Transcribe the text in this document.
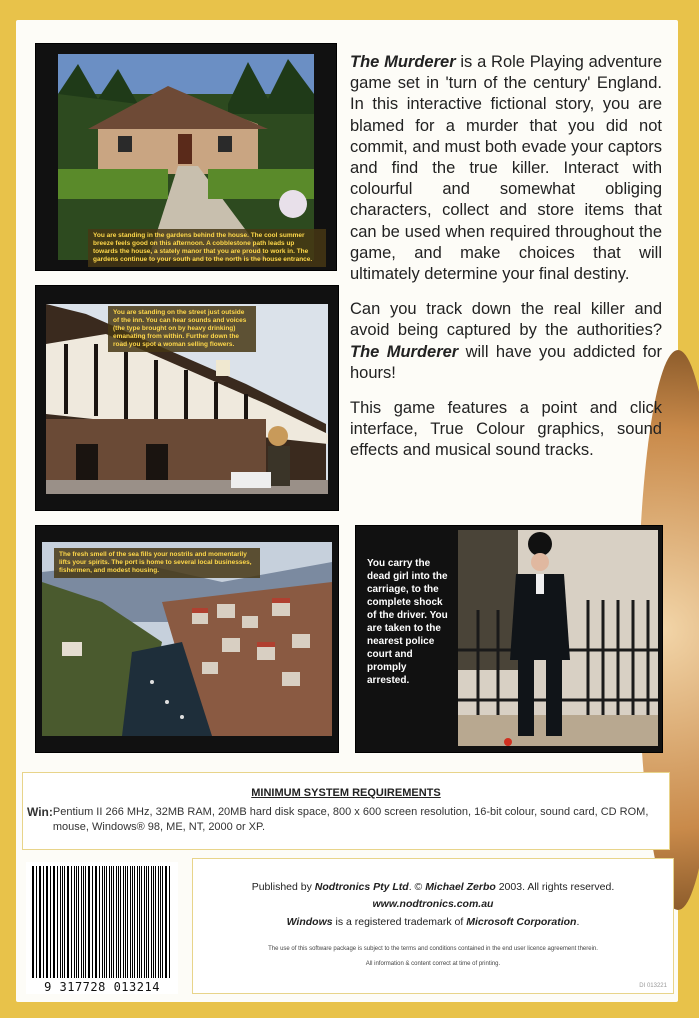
You are standing in the gardens behind the house. The cool summer breeze feels good on this afternoon. A cobblestone path leads up towards the house, a stately manor that you are proud to work in. The gardens continue to your south and to the north is the house entrance.
You are standing on the street just outside of the inn. You can hear sounds and voices (the type brought on by heavy drinking) emanating from within. Further down the road you spot a woman selling flowers.
The fresh smell of the sea fills your nostrils and momentarily lifts your spirits. The port is home to several local businesses, fishermen, and modest housing.
You carry the dead girl into the carriage, to the complete shock of the driver. You are taken to the nearest police court and promply arrested.

The Murderer is a Role Playing adventure game set in 'turn of the century' England. In this interactive fictional story, you are blamed for a murder that you did not commit, and must both evade your captors and find the true killer. Interact with colourful and somewhat obliging characters, collect and store items that can be used when required throughout the game, and make choices that will ultimately determine your final destiny.

Can you track down the real killer and avoid being captured by the authorities? The Murderer will have you addicted for hours!

This game features a point and click interface, True Colour graphics, sound effects and musical sound tracks.

MINIMUM SYSTEM REQUIREMENTS
Win: Pentium II 266 MHz, 32MB RAM, 20MB hard disk space, 800 x 600 screen resolution, 16-bit colour, sound card, CD ROM, mouse, Windows® 98, ME, NT, 2000 or XP.
9 317728 013214
Published by Nodtronics Pty Ltd. © Michael Zerbo 2003. All rights reserved.
www.nodtronics.com.au
Windows is a registered trademark of Microsoft Corporation.
The use of this software package is subject to the terms and conditions contained in the end user licence agreement therein.
All information & content correct at time of printing.
DI 013221
